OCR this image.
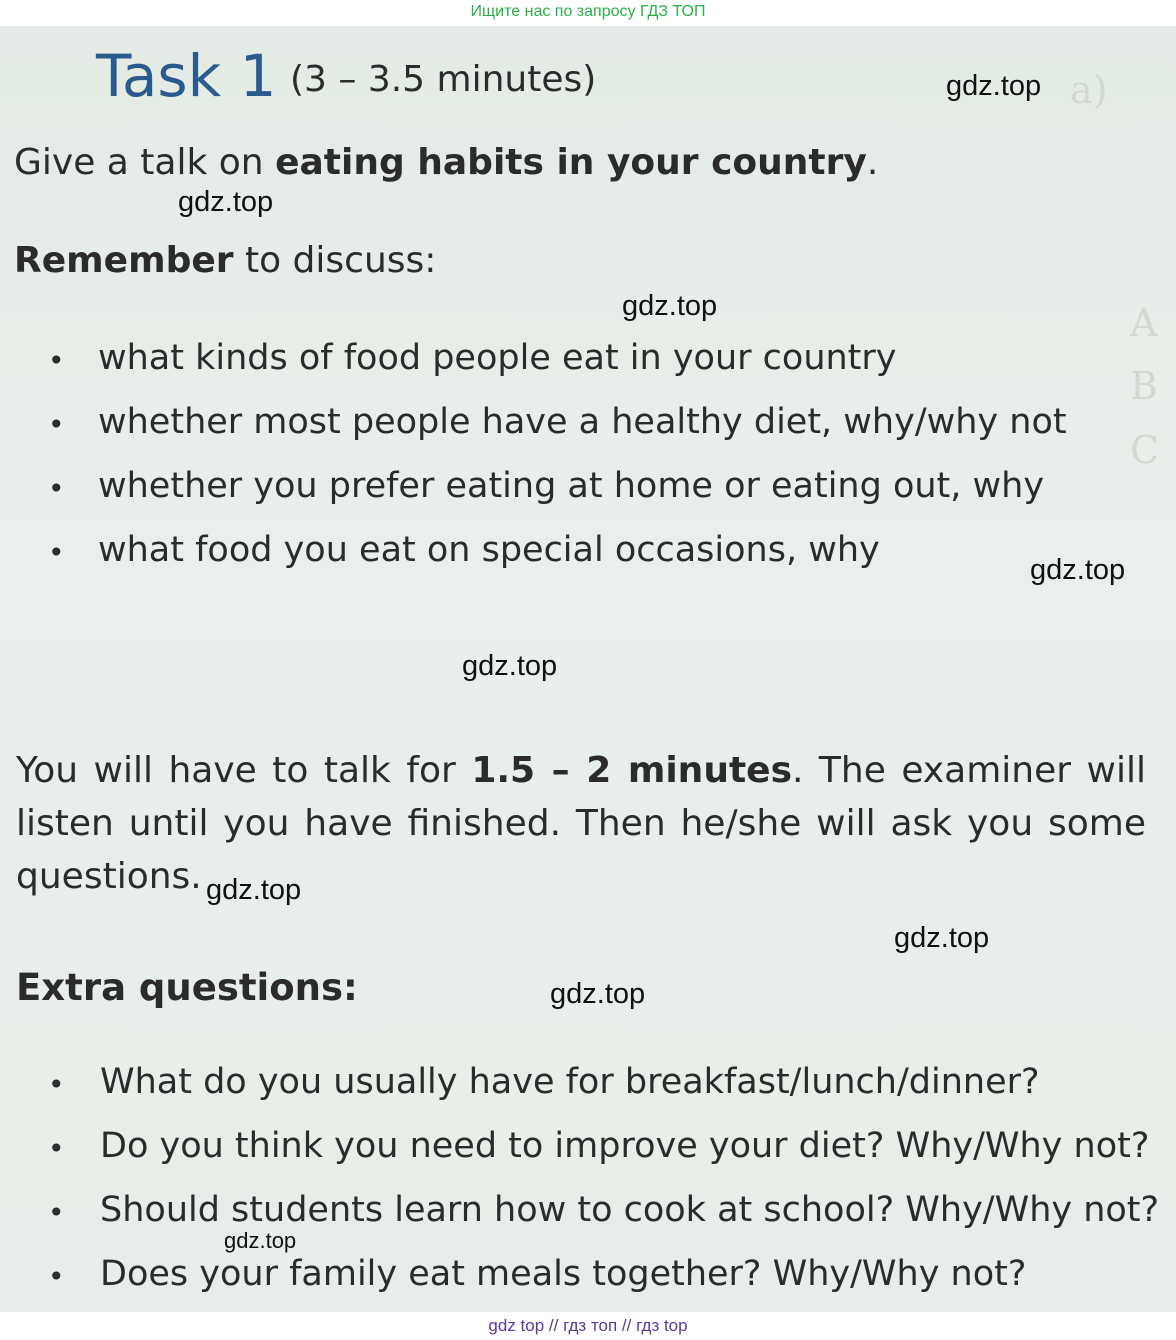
Ищите нас по запросу ГДЗ ТОП
a)
A
B
C
Task 1 (3 – 3.5 minutes)
Give a talk on eating habits in your country.
Remember to discuss:
• what kinds of food people eat in your country
• whether most people have a healthy diet, why/why not
• whether you prefer eating at home or eating out, why
• what food you eat on special occasions, why
You will have to talk for 1.5 – 2 minutes. The examiner will listen until you have finished. Then he/she will ask you some questions.
Extra questions:
• What do you usually have for breakfast/lunch/dinner?
• Do you think you need to improve your diet? Why/Why not?
• Should students learn how to cook at school? Why/Why not?
• Does your family eat meals together? Why/Why not?
gdz.top
gdz.top
gdz.top
gdz.top
gdz.top
gdz.top
gdz.top
gdz.top
gdz.top
gdz top // гдз топ // гдз top
